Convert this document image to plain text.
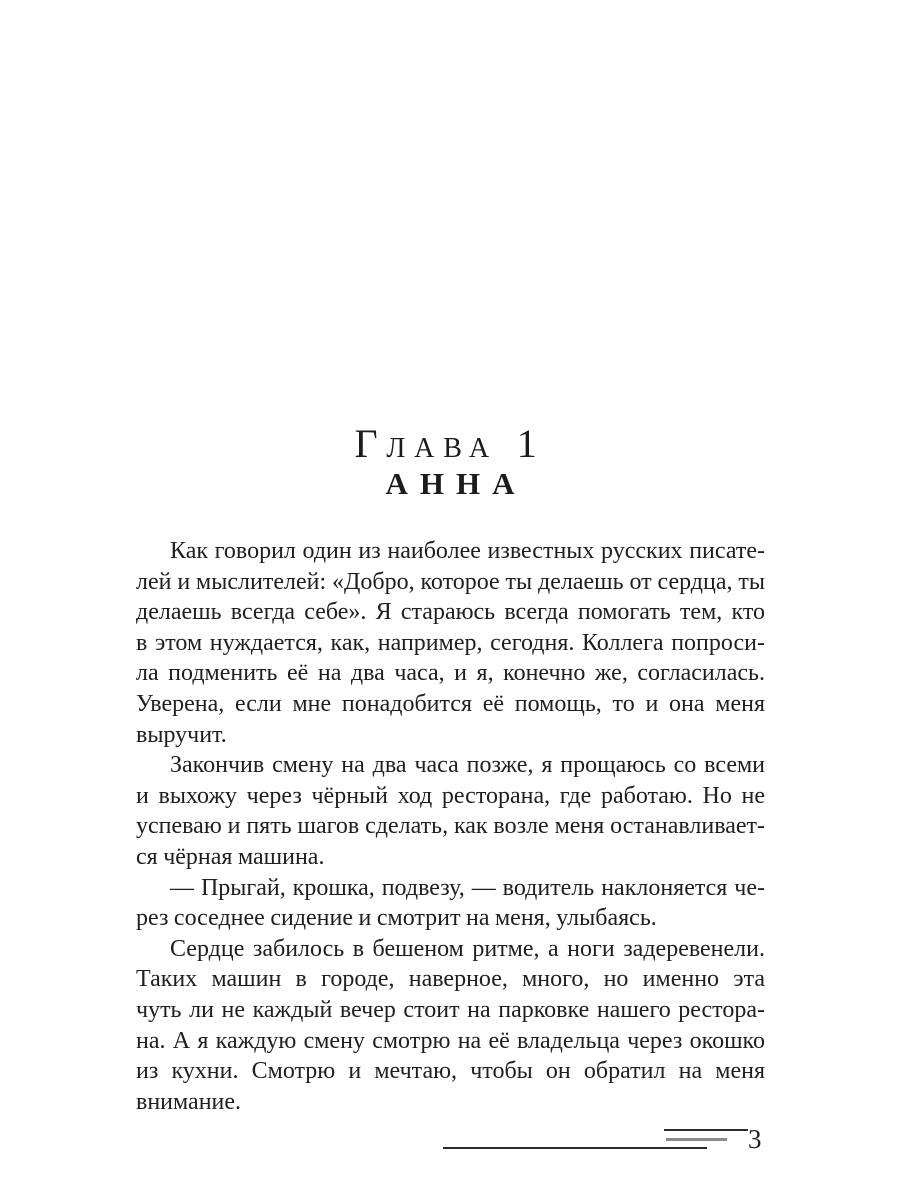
Глава 1
АННА
Как говорил один из наиболее известных русских писате-
лей и мыслителей: «Добро, которое ты делаешь от сердца, ты
делаешь всегда себе». Я стараюсь всегда помогать тем, кто
в этом нуждается, как, например, сегодня. Коллега попроси-
ла подменить её на два часа, и я, конечно же, согласилась.
Уверена, если мне понадобится её помощь, то и она меня
выручит.
Закончив смену на два часа позже, я прощаюсь со всеми
и выхожу через чёрный ход ресторана, где работаю. Но не
успеваю и пять шагов сделать, как возле меня останавливает-
ся чёрная машина.
— Прыгай, крошка, подвезу, — водитель наклоняется че-
рез соседнее сидение и смотрит на меня, улыбаясь.
Сердце забилось в бешеном ритме, а ноги задеревенели.
Таких машин в городе, наверное, много, но именно эта
чуть ли не каждый вечер стоит на парковке нашего рестора-
на. А я каждую смену смотрю на её владельца через окошко
из кухни. Смотрю и мечтаю, чтобы он обратил на меня
внимание.
3
